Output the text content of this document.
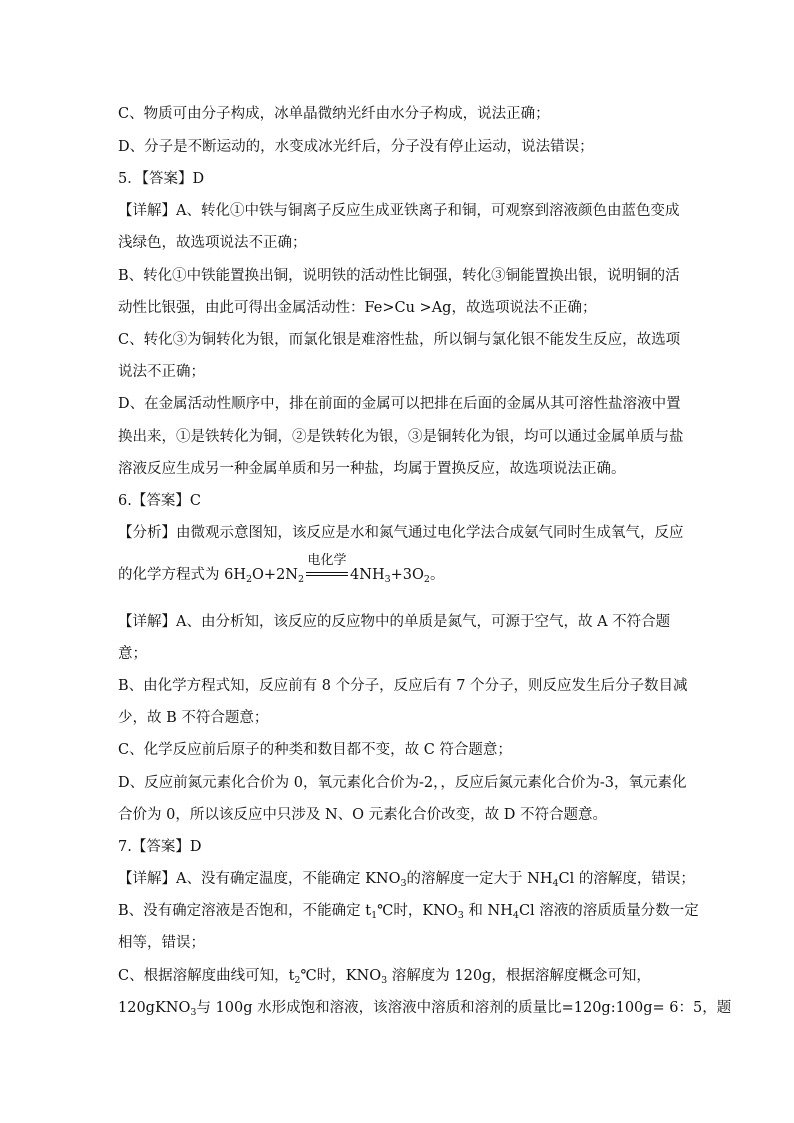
C、物质可由分子构成，冰单晶微纳光纤由水分子构成，说法正确；
D、分子是不断运动的，水变成冰光纤后，分子没有停止运动，说法错误；
5．【答案】D
【详解】A、转化①中铁与铜离子反应生成亚铁离子和铜，可观察到溶液颜色由蓝色变成
浅绿色，故选项说法不正确；
B、转化①中铁能置换出铜，说明铁的活动性比铜强，转化③铜能置换出银，说明铜的活
动性比银强，由此可得出金属活动性：Fe>Cu >Ag，故选项说法不正确；
C、转化③为铜转化为银，而氯化银是难溶性盐，所以铜与氯化银不能发生反应，故选项
说法不正确；
D、在金属活动性顺序中，排在前面的金属可以把排在后面的金属从其可溶性盐溶液中置
换出来，①是铁转化为铜，②是铁转化为银，③是铜转化为银，均可以通过金属单质与盐
溶液反应生成另一种金属单质和另一种盐，均属于置换反应，故选项说法正确。
6.【答案】C
【分析】由微观示意图知，该反应是水和氮气通过电化学法合成氨气同时生成氧气，反应
的化学方程式为 $6H_2O+2N_2$
电化学
$4NH_3+3O_2$。
【详解】A、由分析知，该反应的反应物中的单质是氮气，可源于空气，故 A 不符合题
意；
B、由化学方程式知，反应前有 8 个分子，反应后有 7 个分子，则反应发生后分子数目减
少，故 B 不符合题意；
C、化学反应前后原子的种类和数目都不变，故 C 符合题意；
D、反应前氮元素化合价为 0，氧元素化合价为-2，，反应后氮元素化合价为-3，氧元素化
合价为 0，所以该反应中只涉及 N、O 元素化合价改变，故 D 不符合题意。
7.【答案】D
【详解】A、没有确定温度，不能确定 $KNO_3$的溶解度一定大于 $NH_4Cl$ 的溶解度，错误；
B、没有确定溶液是否饱和，不能确定 $t_1℃$时，$KNO_3$ 和 $NH_4Cl$ 溶液的溶质质量分数一定
相等，错误；
C、根据溶解度曲线可知，$t_2℃$时，$KNO_3$ 溶解度为 120g，根据溶解度概念可知，
120gKNO$_3$与 100g 水形成饱和溶液，该溶液中溶质和溶剂的质量比=120g:100g= 6：5，题
